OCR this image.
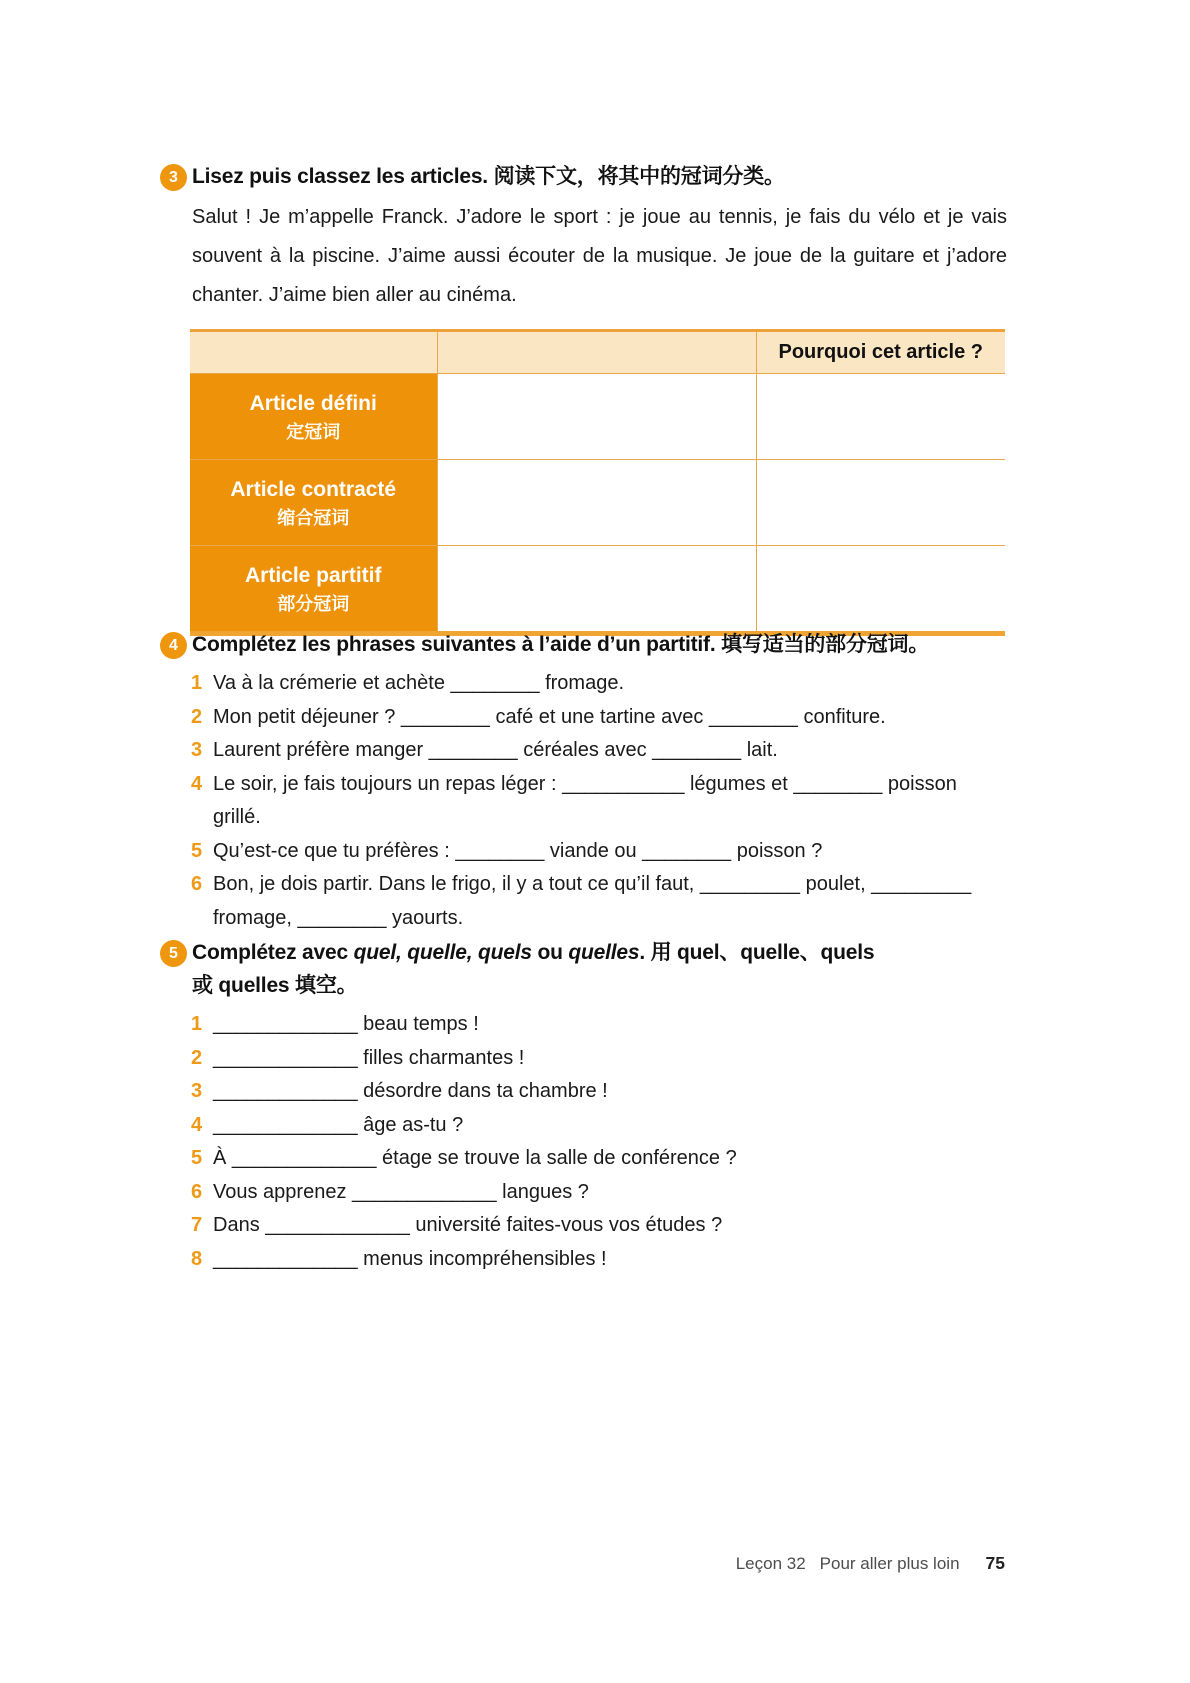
3 Lisez puis classez les articles. 阅读下文，将其中的冠词分类。

Salut ! Je m’appelle Franck. J’adore le sport : je joue au tennis, je fais du vélo et je vais souvent à la piscine. J’aime aussi écouter de la musique. Je joue de la guitare et j’adore chanter. J’aime bien aller au cinéma.

		Pourquoi cet article ?

Article défini
定冠词		

Article contracté
缩合冠词		

Article partitif
部分冠词		

4 Complétez les phrases suivantes à l’aide d’un partitif. 填写适当的部分冠词。
1 Va à la crémerie et achète ________ fromage.
2 Mon petit déjeuner ? ________ café et une tartine avec ________ confiture.
3 Laurent préfère manger ________ céréales avec ________ lait.
4 Le soir, je fais toujours un repas léger : ___________ légumes et ________ poisson grillé.
5 Qu’est-ce que tu préfères : ________ viande ou ________ poisson ?
6 Bon, je dois partir. Dans le frigo, il y a tout ce qu’il faut, _________ poulet, _________ fromage, ________ yaourts.
5 Complétez avec quel, quelle, quels ou quelles. 用 quel、quelle、quels
或 quelles 填空。
1 _____________ beau temps !
2 _____________ filles charmantes !
3 _____________ désordre dans ta chambre !
4 _____________ âge as-tu ?
5 À _____________ étage se trouve la salle de conférence ?
6 Vous apprenez _____________ langues ?
7 Dans _____________ université faites-vous vos études ?
8 _____________ menus incompréhensibles !
Leçon 32 Pour aller plus loin 75
